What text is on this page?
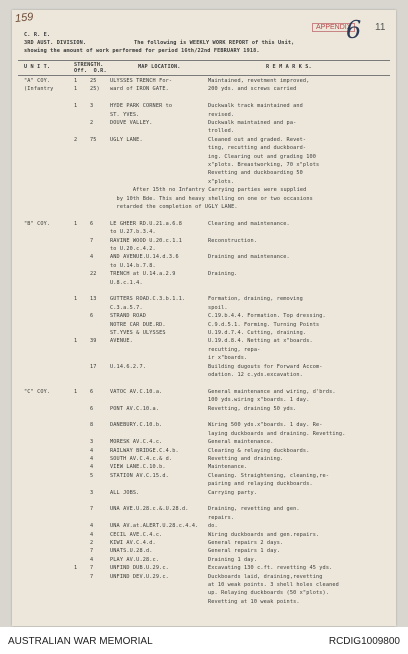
159
APPENDIX
6 11
C. R. E.
3RD AUST. DIVISION.	The following is WEEKLY WORK REPORT of this Unit,
showing the amount of work performed for period 16th/22nd FEBRUARY 1918.
U N I T.	STRENGTH.
Off.  O.R.
MAP LOCATION.	R E M A R K S.
"A" COY.	1 25	ULYSSES TRENCH For-	Maintained, revetment improved,
(Infantry	1 25) ward of IRON GATE.	200 yds. and screws carried
1 3	HYDE PARK CORNER to	Duckwalk track maintained and
ST. YVES.	revised.
2	DOUVE VALLEY.	Duckwalk maintained and pa-
trolled.
2 75	UGLY LANE.	Cleaned out and graded. Revet-
ting, recutting and duckboard-
ing. Clearing out and grading 100
x"plots. Breastworking, 70 x"plots
Revetting and duckboarding 50
x"plots.
After 15th no Infantry Carrying parties were supplied
by 10th Bde. This and heavy shelling on one or two occasions
retarded the completion of UGLY LANE.
"B" COY.	1 6	LE GHEER RD.U.21.a.6.8	Clearing and maintenance.
to U.27.b.3.4.
7	RAVINE WOOD U.20.c.1.1	Reconstruction.
to U.20.c.4.2.
4	AND AVENUE.U.14.d.3.6	Draining and maintenance.
to U.14.b.7.8.
22	TRENCH at U.14.a.2.9	Draining.
U.8.c.1.4.
1 13	GUTTERS ROAD.C.3.b.1.1.	Formation, draining, removing
C.3.a.5.7.	spoil.
6	STRAND ROAD	C.19.b.4.4. Formation. Top dressing.
NOTRE CAR DUE.RD.	C.9.d.5.1. Forming. Turning Points
ST.YVES & ULYSSES	U.19.d.7.4. Cutting, draining.
1 39	AVENUE.	U.19.d.8.4. Netting at x"boards.
recutting, repa-
ir x"boards.
17	U.14.6.2.7.	Building dugouts for Forward Accom-
odation. 12 c.yds.excavation.
"C" COY.	1 6	VATOC AV.C.10.a.	General maintenance and wiring, d'brds.
100 yds.wiring x"boards. 1 day.
6	PONT AV.C.10.a.	Revetting, draining 50 yds.
8	DANEBURY.C.10.b.	Wiring 500 yds.x"boards. 1 day. Re-
laying duckboards and draining. Revetting.
3	MORESK AV.C.4.c.	General maintenance.
4	RAILWAY BRIDGE.C.4.b.	Clearing & relaying duckboards.
4	SOUTH AV.C.4.c.& d.	Revetting and draining.
4	VIEW LANE.C.10.b.	Maintenance.
5	STATION AV.C.15.d.	Cleaning. Straightening, cleaning,re-
pairing and relaying duckboards.
3	ALL JOBS.	Carrying party.
7	UNA AVE.U.28.c.&.U.28.d.	Draining, revetting and gen.
repairs.
4	UNA AV.at.ALERT.U.28.c.4.4. do.
4	CECIL AVE.C.4.c.	Wiring duckboards and gen.repairs.
2	KIWI AV.C.4.d.	General repairs 2 days.
7	UNATS.U.28.d.	General repairs 1 day.
4	PLAY AV.U.28.c.	Draining 1 day.
1 7	UNFIND DUB.U.29.c.	Excavating 130 c.ft. revetting 45 yds.
7	UNFIND DEV.U.29.c.	Duckboards laid, draining,revetting
at 10 weak points. 3 shell holes cleaned
up. Relaying duckboards (50 x"plots).
Revetting at 10 weak points.
AUSTRALIAN WAR MEMORIAL	RCDIG1009800
